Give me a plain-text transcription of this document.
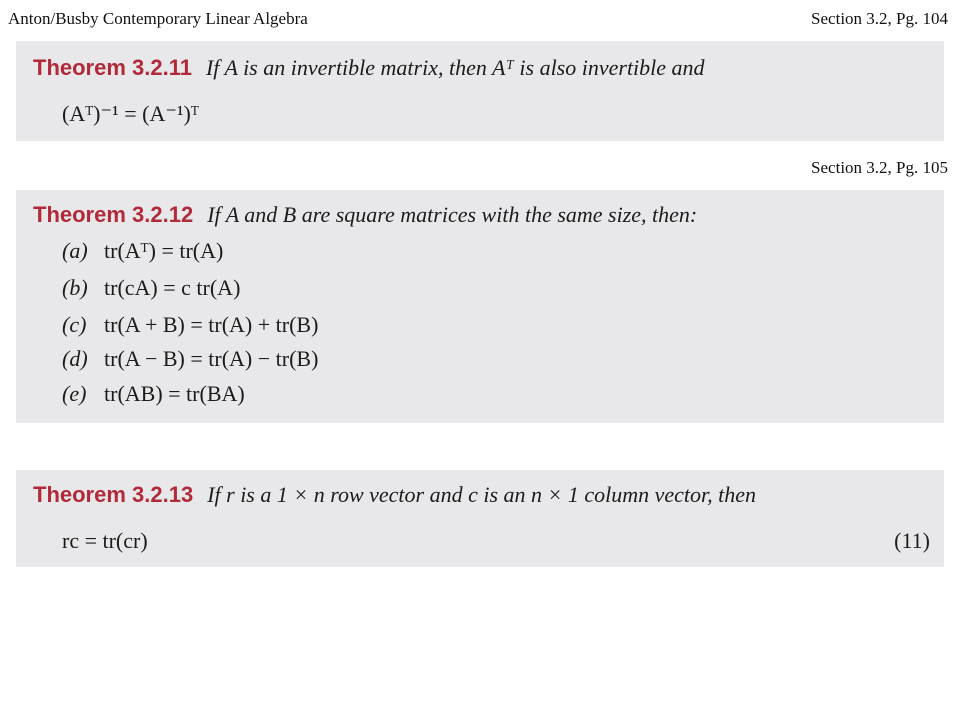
Anton/Busby Contemporary Linear Algebra	Section 3.2, Pg. 104
Theorem 3.2.11 If A is an invertible matrix, then Aᵀ is also invertible and
(Aᵀ)⁻¹ = (A⁻¹)ᵀ
Section 3.2, Pg. 105
Theorem 3.2.12 If A and B are square matrices with the same size, then:
(a) tr(Aᵀ) = tr(A)
(b) tr(cA) = c tr(A)
(c) tr(A + B) = tr(A) + tr(B)
(d) tr(A − B) = tr(A) − tr(B)
(e) tr(AB) = tr(BA)
Theorem 3.2.13 If r is a 1 × n row vector and c is an n × 1 column vector, then
rc = tr(cr)	(11)
